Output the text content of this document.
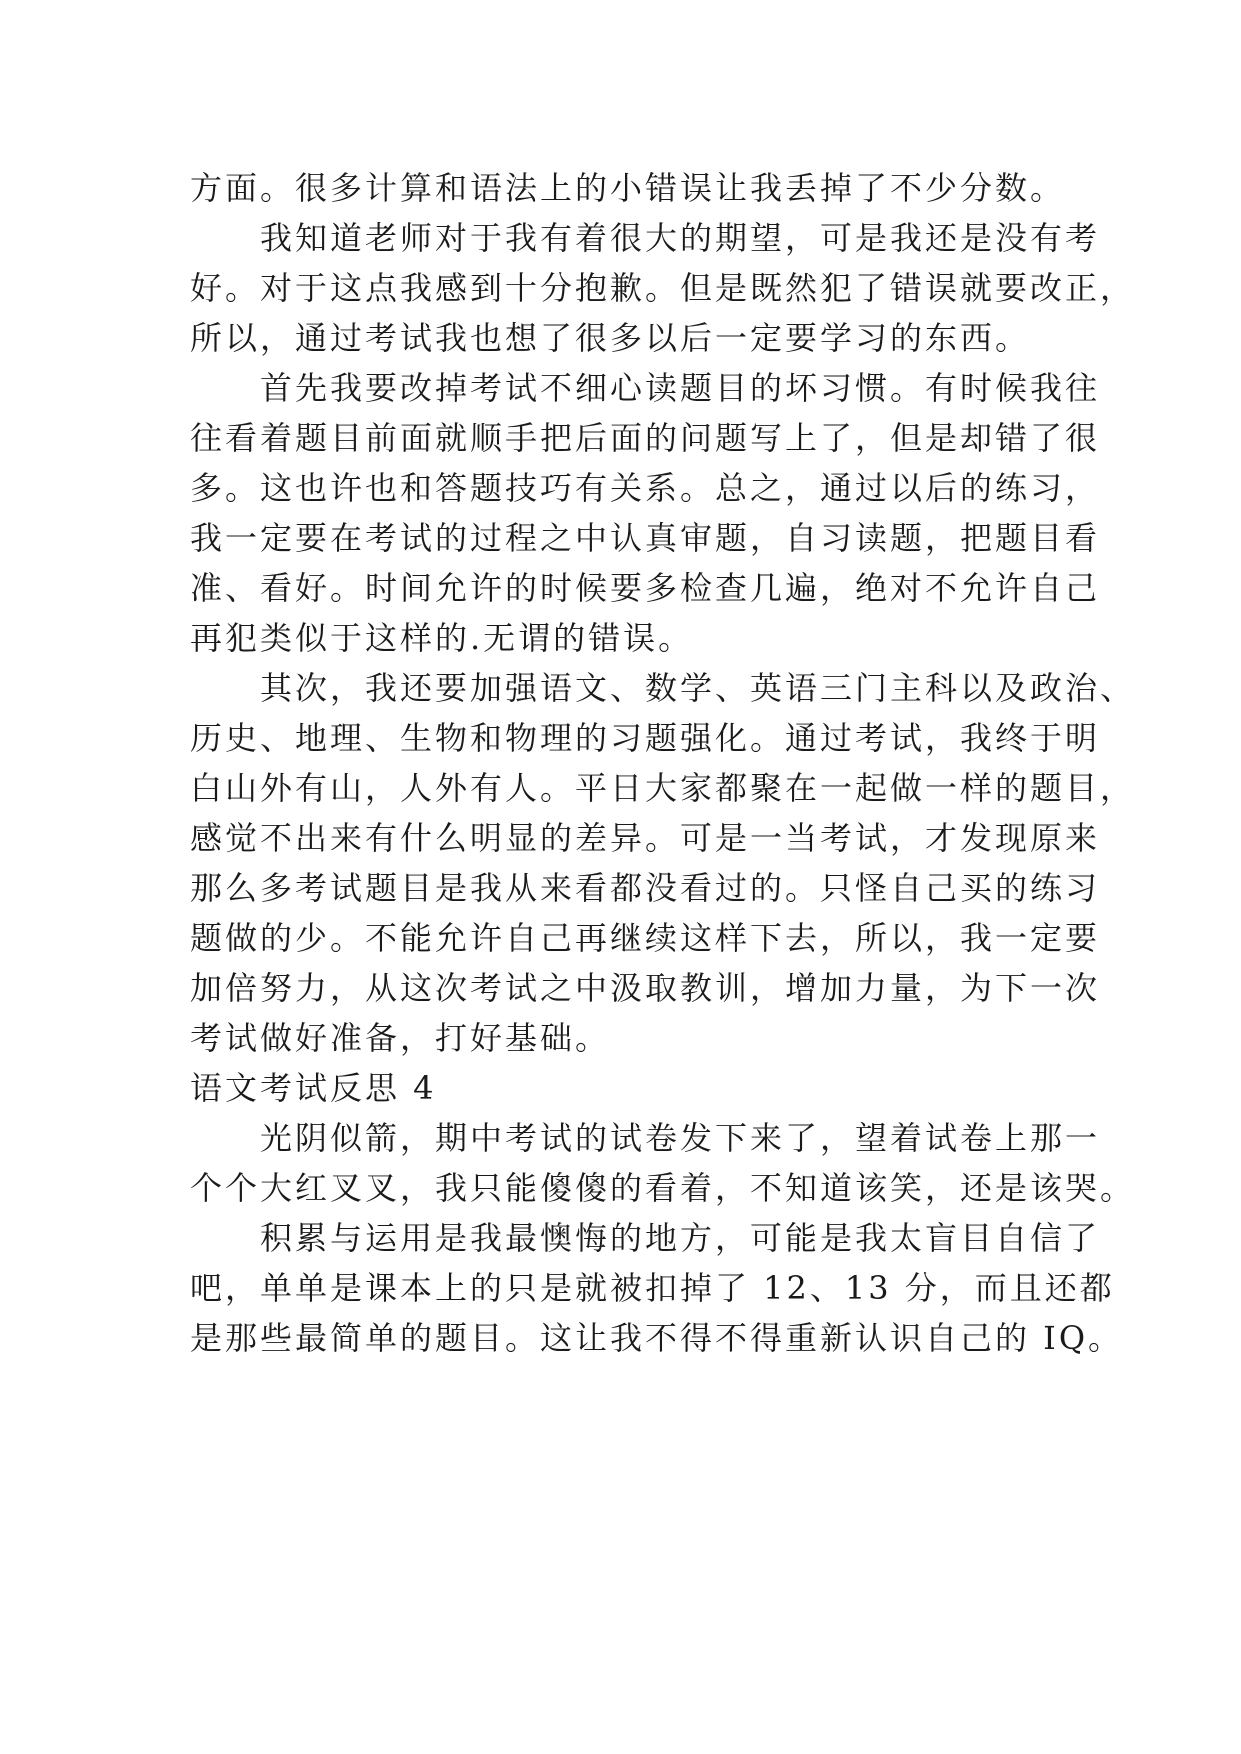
方面。很多计算和语法上的小错误让我丢掉了不少分数。
　　我知道老师对于我有着很大的期望，可是我还是没有考
好。对于这点我感到十分抱歉。但是既然犯了错误就要改正，
所以，通过考试我也想了很多以后一定要学习的东西。
　　首先我要改掉考试不细心读题目的坏习惯。有时候我往
往看着题目前面就顺手把后面的问题写上了，但是却错了很
多。这也许也和答题技巧有关系。总之，通过以后的练习，
我一定要在考试的过程之中认真审题，自习读题，把题目看
准、看好。时间允许的时候要多检查几遍，绝对不允许自己
再犯类似于这样的.无谓的错误。
　　其次，我还要加强语文、数学、英语三门主科以及政治、
历史、地理、生物和物理的习题强化。通过考试，我终于明
白山外有山，人外有人。平日大家都聚在一起做一样的题目，
感觉不出来有什么明显的差异。可是一当考试，才发现原来
那么多考试题目是我从来看都没看过的。只怪自己买的练习
题做的少。不能允许自己再继续这样下去，所以，我一定要
加倍努力，从这次考试之中汲取教训，增加力量，为下一次
考试做好准备，打好基础。
语文考试反思 4
　　光阴似箭，期中考试的试卷发下来了，望着试卷上那一
个个大红叉叉，我只能傻傻的看着，不知道该笑，还是该哭。
　　积累与运用是我最懊悔的地方，可能是我太盲目自信了
吧，单单是课本上的只是就被扣掉了 12、13 分，而且还都
是那些最简单的题目。这让我不得不得重新认识自己的 IQ。
